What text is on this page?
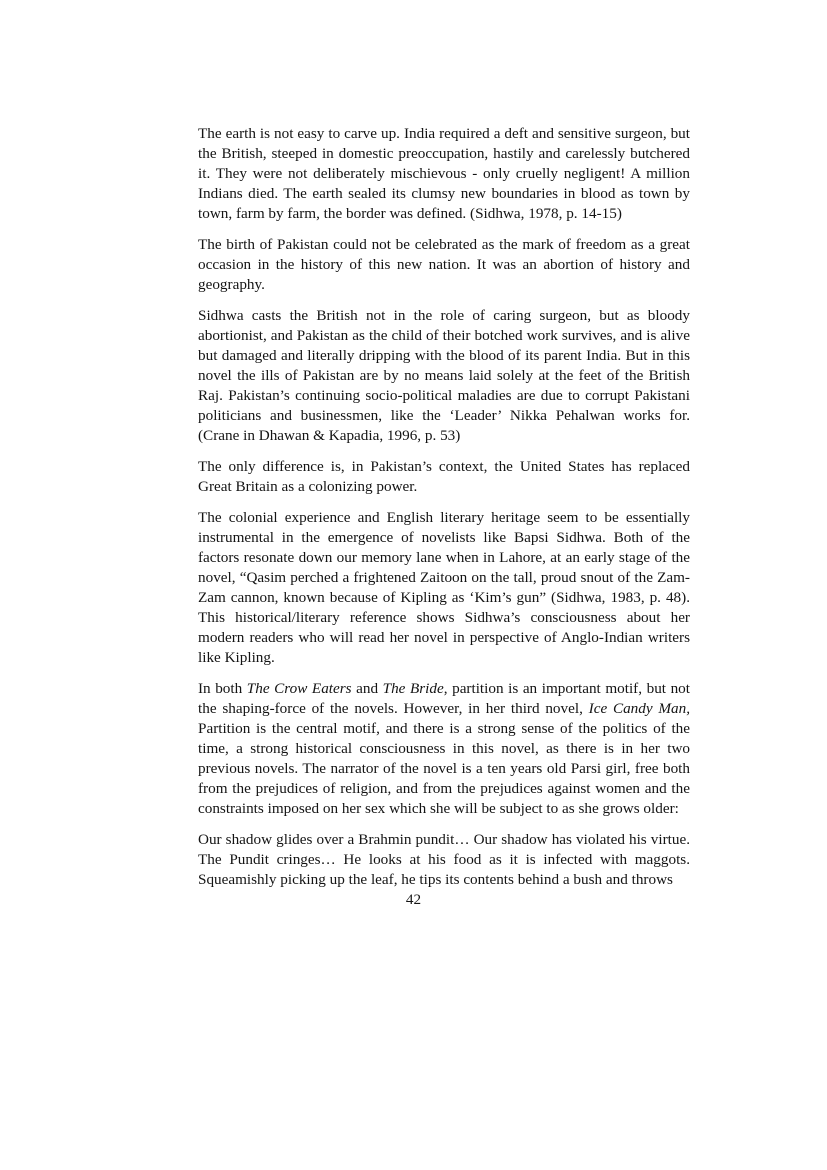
The earth is not easy to carve up. India required a deft and sensitive surgeon, but the British, steeped in domestic preoccupation, hastily and carelessly butchered it. They were not deliberately mischievous - only cruelly negligent! A million Indians died. The earth sealed its clumsy new boundaries in blood as town by town, farm by farm, the border was defined. (Sidhwa, 1978, p. 14-15)

The birth of Pakistan could not be celebrated as the mark of freedom as a great occasion in the history of this new nation. It was an abortion of history and geography.

Sidhwa casts the British not in the role of caring surgeon, but as bloody abortionist, and Pakistan as the child of their botched work survives, and is alive but damaged and literally dripping with the blood of its parent India. But in this novel the ills of Pakistan are by no means laid solely at the feet of the British Raj. Pakistan’s continuing socio-political maladies are due to corrupt Pakistani politicians and businessmen, like the ‘Leader’ Nikka Pehalwan works for. (Crane in Dhawan & Kapadia, 1996, p. 53)

The only difference is, in Pakistan’s context, the United States has replaced Great Britain as a colonizing power.

The colonial experience and English literary heritage seem to be essentially instrumental in the emergence of novelists like Bapsi Sidhwa. Both of the factors resonate down our memory lane when in Lahore, at an early stage of the novel, “Qasim perched a frightened Zaitoon on the tall, proud snout of the Zam-Zam cannon, known because of Kipling as ‘Kim’s gun” (Sidhwa, 1983, p. 48). This historical/literary reference shows Sidhwa’s consciousness about her modern readers who will read her novel in perspective of Anglo-Indian writers like Kipling.

In both The Crow Eaters and The Bride, partition is an important motif, but not the shaping-force of the novels. However, in her third novel, Ice Candy Man, Partition is the central motif, and there is a strong sense of the politics of the time, a strong historical consciousness in this novel, as there is in her two previous novels. The narrator of the novel is a ten years old Parsi girl, free both from the prejudices of religion, and from the prejudices against women and the constraints imposed on her sex which she will be subject to as she grows older:

Our shadow glides over a Brahmin pundit… Our shadow has violated his virtue. The Pundit cringes… He looks at his food as it is infected with maggots. Squeamishly picking up the leaf, he tips its contents behind a bush and throws

42
